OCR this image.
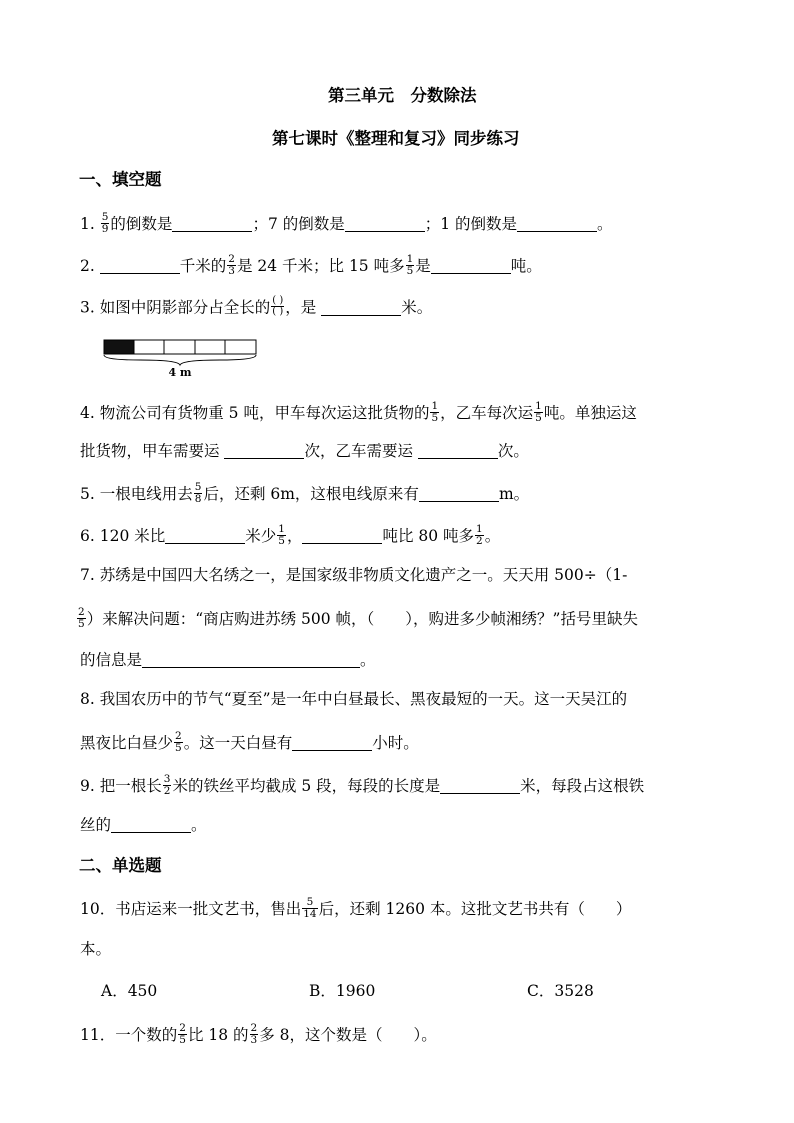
第三单元　分数除法
第七课时《整理和复习》同步练习
一、填空题
1. $\frac{5}{9}$ 的倒数是	；7 的倒数是	；1 的倒数是	。
2.	千米的 $\frac{2}{3}$ 是 24 千米；比 15 吨多 $\frac{1}{5}$ 是	吨。
3. 如图中阴影部分占全长的 $\frac{( )}{( )}$ ，是	米。
4 m
4. 物流公司有货物重 5 吨，甲车每次运这批货物的 $\frac{1}{5}$ ，乙车每次运 $\frac{1}{5}$ 吨。单独运这
批货物，甲车需要运	次，乙车需要运	次。
5. 一根电线用去 $\frac{5}{8}$ 后，还剩 6m，这根电线原来有	m。
6. 120 米比	米少 $\frac{1}{5}$ ，	吨比 80 吨多 $\frac{1}{2}$ 。
7. 苏绣是中国四大名绣之一，是国家级非物质文化遗产之一。天天用 500÷（1-
$\frac{2}{5}$ ）来解决问题：“商店购进苏绣 500 帧，（　　），购进多少帧湘绣？”括号里缺失
的信息是	。
8. 我国农历中的节气“夏至”是一年中白昼最长、黑夜最短的一天。这一天吴江的
黑夜比白昼少 $\frac{2}{5}$ 。这一天白昼有	小时。
9. 把一根长 $\frac{3}{2}$ 米的铁丝平均截成 5 段，每段的长度是	米，每段占这根铁
丝的	。
二、单选题
10．书店运来一批文艺书，售出 $\frac{5}{14}$ 后，还剩 1260 本。这批文艺书共有（　　）
本。
A．450	B．1960	C．3528
11．一个数的 $\frac{2}{5}$ 比 18 的 $\frac{2}{3}$ 多 8，这个数是（　　）。
